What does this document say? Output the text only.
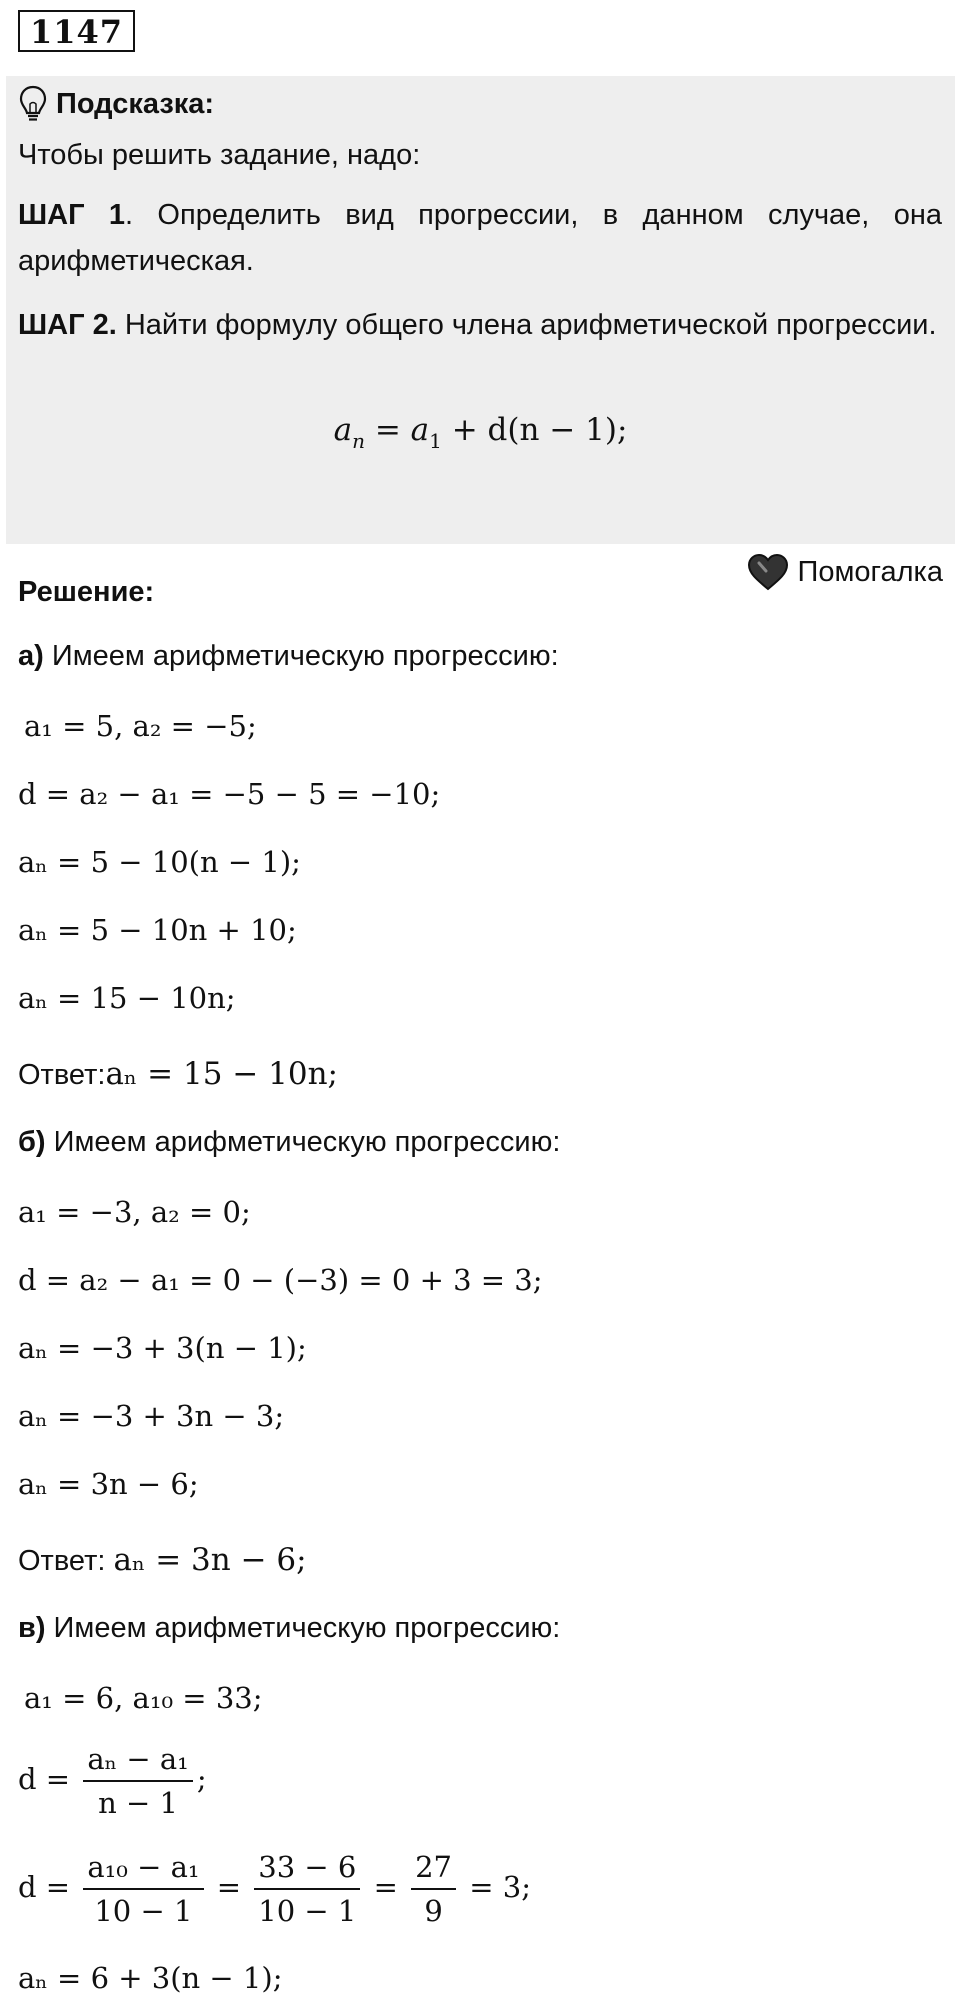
1147
Подсказка:

Чтобы решить задание, надо:

ШАГ 1. Определить вид прогрессии, в данном случае, она арифметическая.

ШАГ 2. Найти формулу общего члена арифметической прогрессии.

$a_n = a_1 + d(n - 1)$;
Помогалка
Решение:
а) Имеем арифметическую прогрессию:
a₁ = 5, a₂ = −5;
d = a₂ − a₁ = −5 − 5 = −10;
aₙ = 5 − 10(n − 1);
aₙ = 5 − 10n + 10;
aₙ = 15 − 10n;
Ответ:aₙ = 15 − 10n;
б) Имеем арифметическую прогрессию:
a₁ = −3, a₂ = 0;
d = a₂ − a₁ = 0 − (−3) = 0 + 3 = 3;
aₙ = −3 + 3(n − 1);
aₙ = −3 + 3n − 3;
aₙ = 3n − 6;
Ответ: aₙ = 3n − 6;
в) Имеем арифметическую прогрессию:
a₁ = 6, a₁₀ = 33;
$d = \frac{\text{aₙ − a₁}}{n - 1}$ ;
$d = \frac{\text{a₁₀ − a₁}}{10 - 1} = \frac{33 - 6}{10 - 1} = \frac{27}{9} = 3$;
aₙ = 6 + 3(n − 1);
